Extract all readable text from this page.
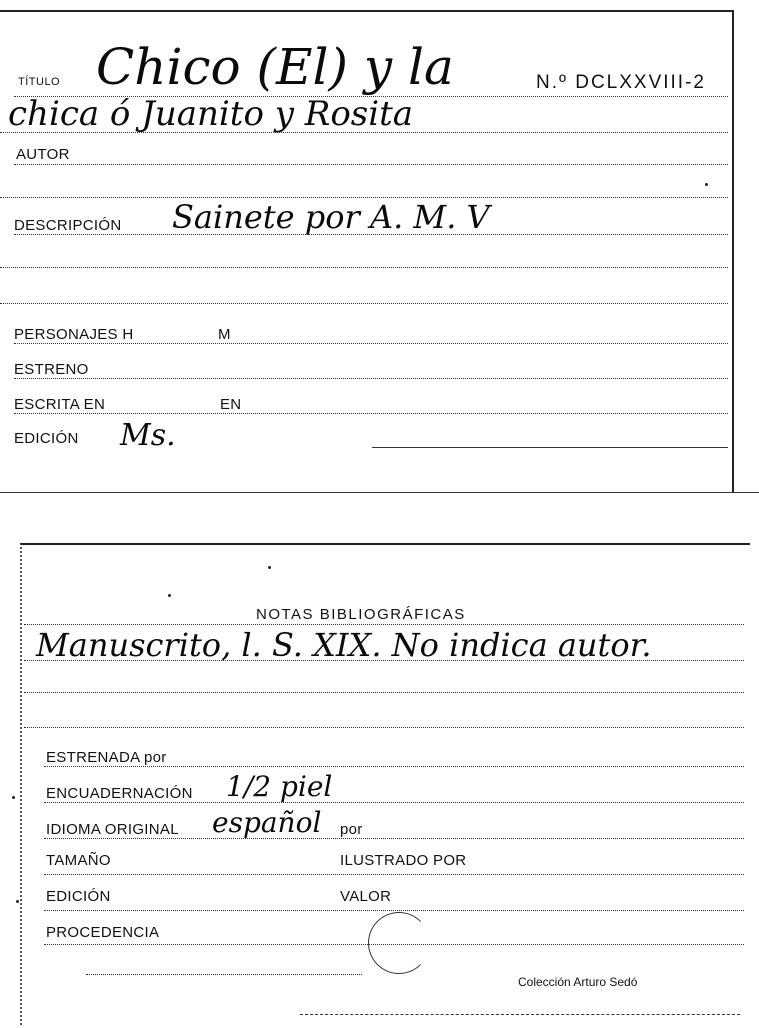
TÍTULO Chico (El) y la	N.º DCLXXVIII-2
chica ó Juanito y Rosita
AUTOR
DESCRIPCIÓN Sainete por A. M. V
PERSONAJES H	M
ESTRENO
ESCRITA EN	EN
EDICIÓN Ms.
NOTAS BIBLIOGRÁFICAS
Manuscrito, l. S. XIX. No indica autor.
ESTRENADA por
ENCUADERNACIÓN 1/2 piel
IDIOMA ORIGINAL español por
TAMAÑO	ILUSTRADO POR
EDICIÓN	VALOR
PROCEDENCIA
Colección Arturo Sedó
